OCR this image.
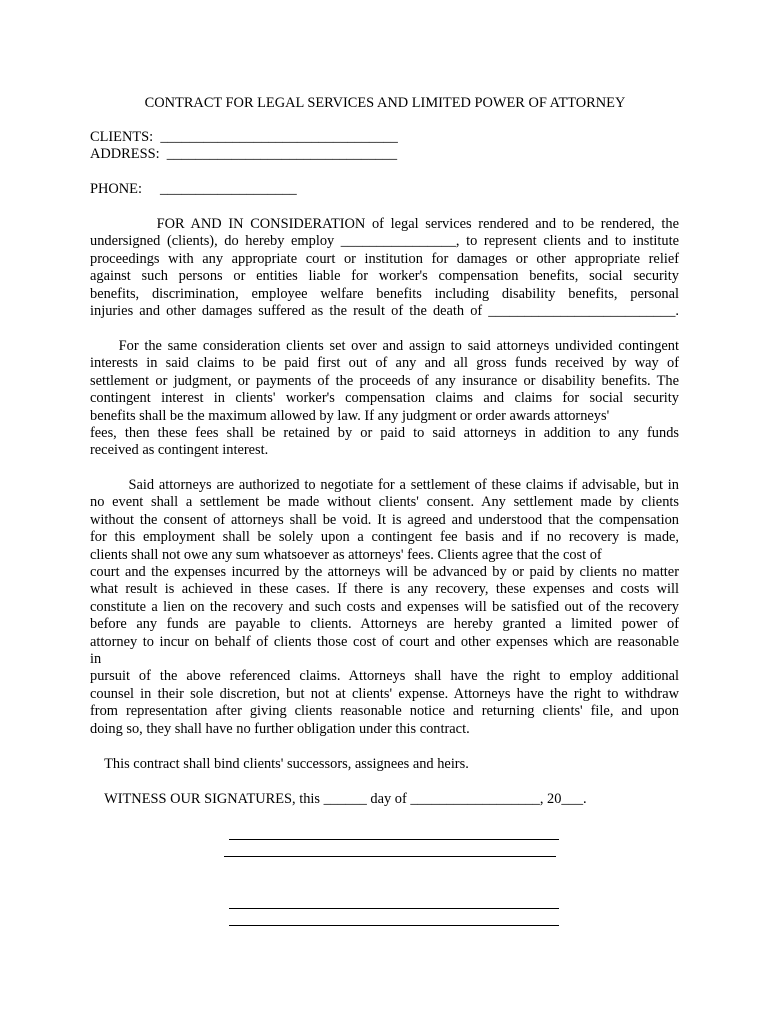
CONTRACT FOR LEGAL SERVICES AND LIMITED POWER OF ATTORNEY
CLIENTS:  _________________________________
ADDRESS:  ________________________________
PHONE:     ___________________
FOR AND IN CONSIDERATION of legal services rendered and to be rendered, the
undersigned (clients), do hereby employ ________________, to represent clients and to institute
proceedings with any appropriate court or institution for damages or other appropriate relief
against such persons or entities liable for worker's compensation benefits, social security
benefits, discrimination, employee welfare benefits including disability benefits, personal
injuries and other damages suffered as the result of the death of __________________________.
For the same consideration clients set over and assign to said attorneys undivided contingent
interests in said claims to be paid first out of any and all gross funds received by way of
settlement or judgment, or payments of the proceeds of any insurance or disability benefits. The
contingent interest in clients' worker's compensation claims and claims for social security
benefits shall be the maximum allowed by law. If any judgment or order awards attorneys'
fees, then these fees shall be retained by or paid to said attorneys in addition to any funds
received as contingent interest.
Said attorneys are authorized to negotiate for a settlement of these claims if advisable, but in
no event shall a settlement be made without clients' consent. Any settlement made by clients
without the consent of attorneys shall be void. It is agreed and understood that the compensation
for this employment shall be solely upon a contingent fee basis and if no recovery is made,
clients shall not owe any sum whatsoever as attorneys' fees. Clients agree that the cost of
court and the expenses incurred by the attorneys will be advanced by or paid by clients no matter
what result is achieved in these cases. If there is any recovery, these expenses and costs will
constitute a lien on the recovery and such costs and expenses will be satisfied out of the recovery
before any funds are payable to clients. Attorneys are hereby granted a limited power of
attorney to incur on behalf of clients those cost of court and other expenses which are reasonable
in
pursuit of the above referenced claims. Attorneys shall have the right to employ additional
counsel in their sole discretion, but not at clients' expense. Attorneys have the right to withdraw
from representation after giving clients reasonable notice and returning clients' file, and upon
doing so, they shall have no further obligation under this contract.
This contract shall bind clients' successors, assignees and heirs.
WITNESS OUR SIGNATURES, this ______ day of __________________, 20___.
